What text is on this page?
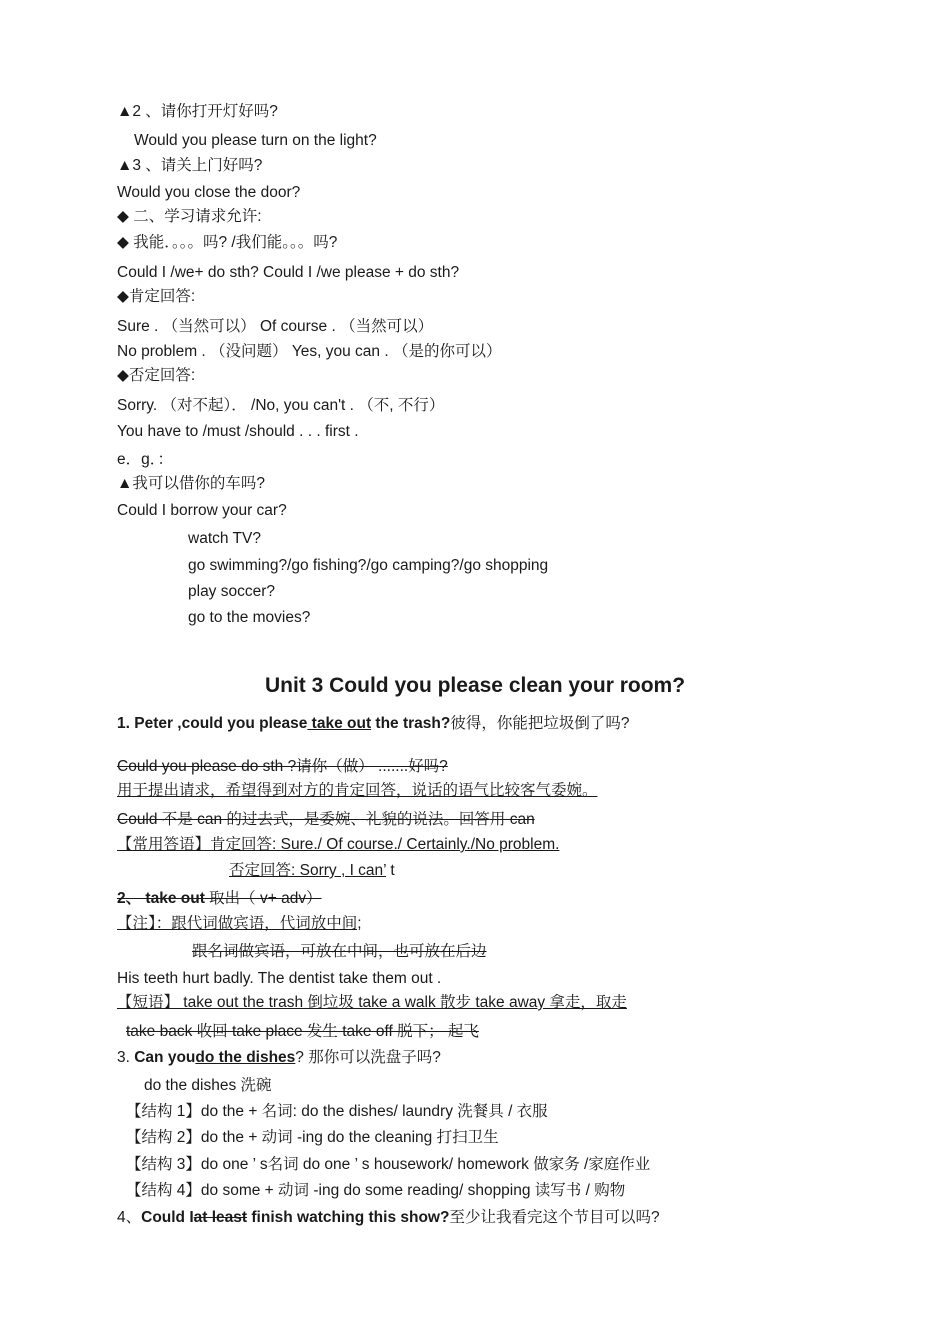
▲2 、请你打开灯好吗?
Would you please turn on the light?
▲3 、请关上门好吗?
Would you close the door?
◆ 二、学习请求允许:
◆ 我能．。。。吗? /我们能。。。吗?
Could I /we+ do sth? Could I /we please + do sth?
◆肯定回答:
Sure . （当然可以） Of course . （当然可以）
No problem . （没问题） Yes, you can . （是的你可以）
◆否定回答:
Sorry. （对不起）． /No, you can't . （不, 不行）
You have to /must /should . . . first .
e．g．：
▲我可以借你的车吗?
Could I borrow your car?
watch TV?
go swimming?/go fishing?/go camping?/go shopping
play soccer?
go to the movies?
Unit 3 Could you please clean your room?
1. Peter ,could you please take out the trash?彼得，你能把垃圾倒了吗?
Could you please do sth ?请你（做） .......好吗?
用于提出请求，希望得到对方的肯定回答，说话的语气比较客气委婉。
Could 不是 can 的过去式，是委婉、礼貌的说法。回答用 can
【常用答语】肯定回答: Sure./ Of course./ Certainly./No problem.
否定回答: Sorry , I can’ t
2、 take out 取出（ v+ adv）
【注】：跟代词做宾语，代词放中间;
跟名词做宾语，可放在中间，也可放在后边
His teeth hurt badly. The dentist take them out .
【短语】 take out the trash 倒垃圾 take a walk 散步 take away 拿走，取走
take back 收回 take place 发生 take off 脱下； 起飞
3. Can youdo the dishes? 那你可以洗盘子吗?
do the dishes 洗碗
【结构 1】do the + 名词: do the dishes/ laundry 洗餐具 / 衣服
【结构 2】do the + 动词 -ing do the cleaning 打扫卫生
【结构 3】do one ’ s名词 do one ’ s housework/ homework 做家务 /家庭作业
【结构 4】do some + 动词 -ing do some reading/ shopping 读写书 / 购物
4、Could Iat least finish watching this show?至少让我看完这个节目可以吗?
